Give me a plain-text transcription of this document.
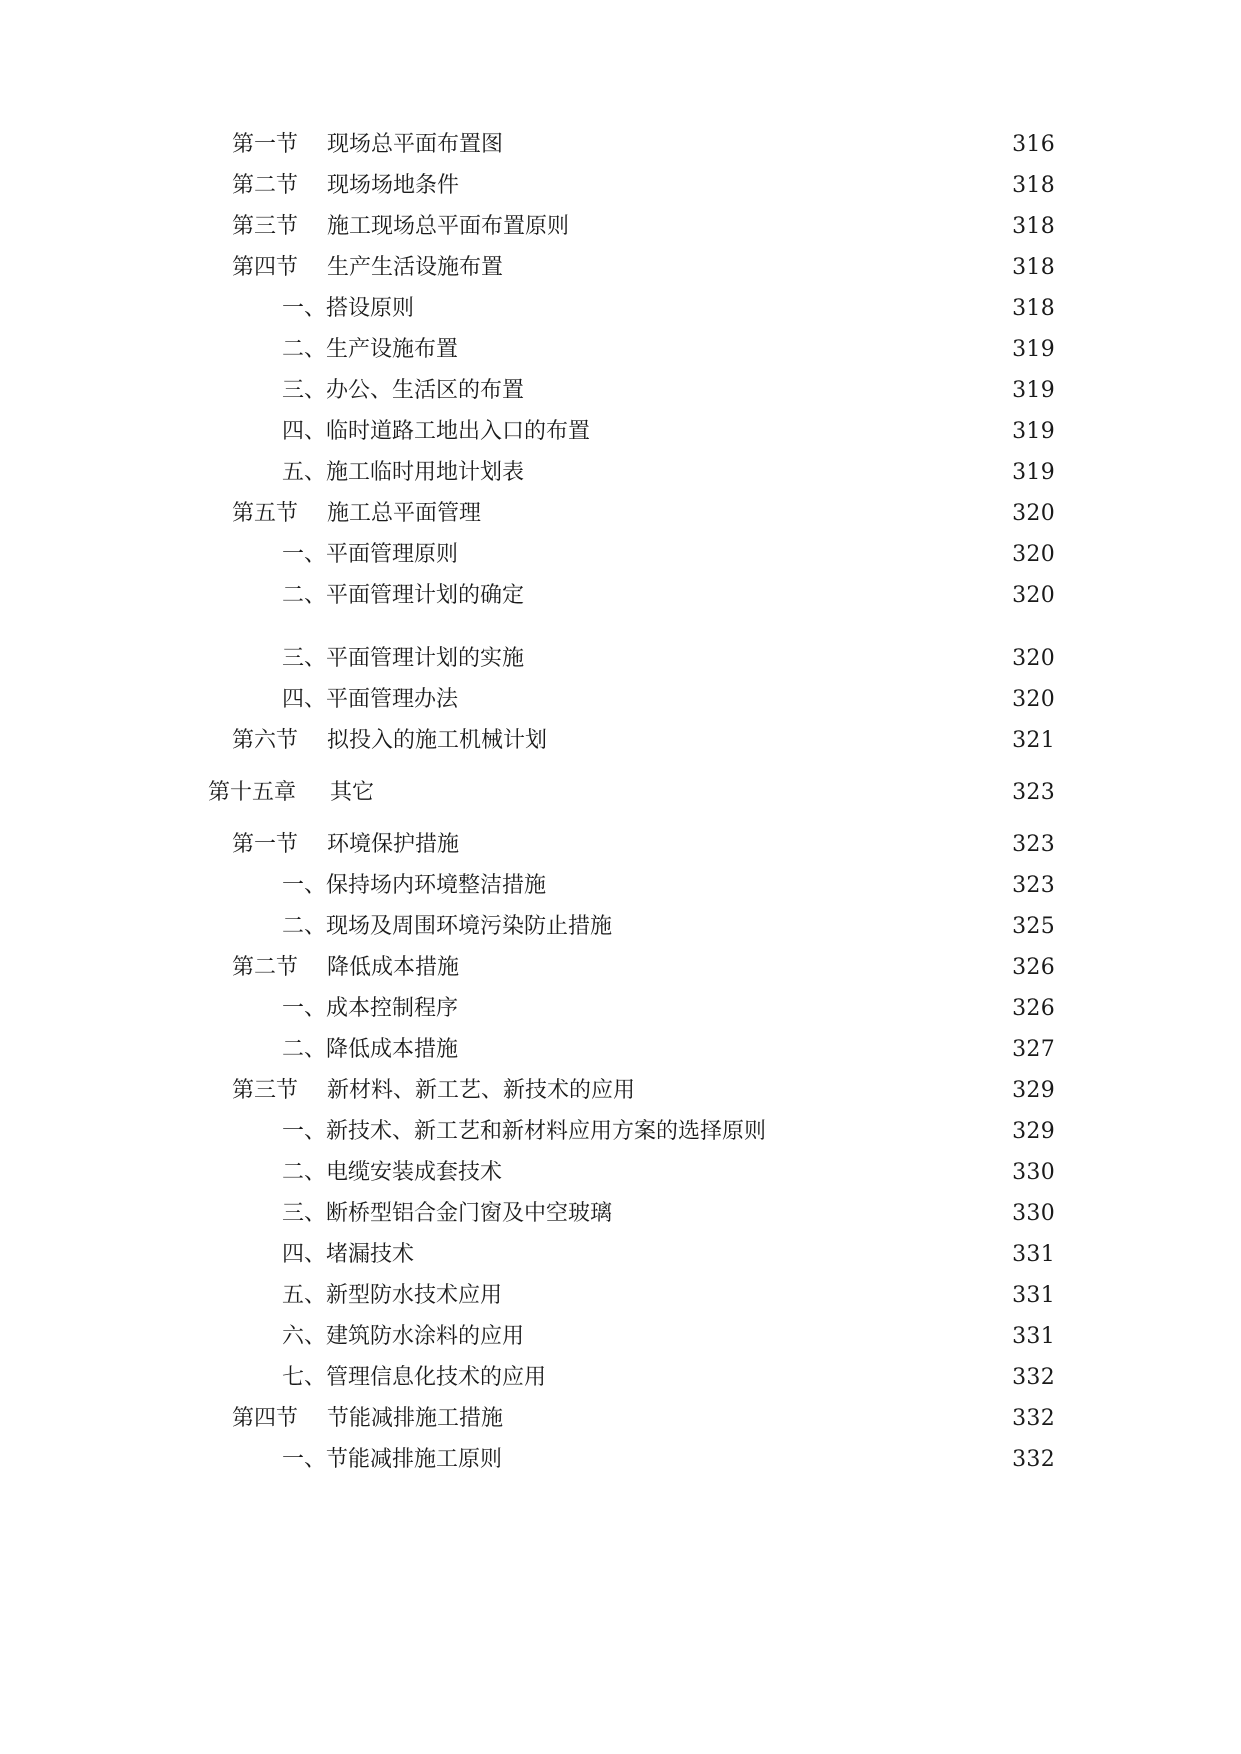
第一节	现场总平面布置图	316
第二节	现场场地条件	318
第三节	施工现场总平面布置原则	318
第四节	生产生活设施布置	318
一、 搭设原则	318
二、 生产设施布置	319
三、 办公、生活区的布置	319
四、 临时道路工地出入口的布置	319
五、 施工临时用地计划表	319
第五节	施工总平面管理	320
一、 平面管理原则	320
二、 平面管理计划的确定	320
三、 平面管理计划的实施	320
四、 平面管理办法	320
第六节	拟投入的施工机械计划	321
第十五章	其它	323
第一节	环境保护措施	323
一、 保持场内环境整洁措施	323
二、 现场及周围环境污染防止措施	325
第二节	降低成本措施	326
一、 成本控制程序	326
二、 降低成本措施	327
第三节	新材料、新工艺、新技术的应用	329
一、 新技术、新工艺和新材料应用方案的选择原则	329
二、 电缆安装成套技术	330
三、 断桥型铝合金门窗及中空玻璃	330
四、 堵漏技术	331
五、 新型防水技术应用	331
六、 建筑防水涂料的应用	331
七、 管理信息化技术的应用	332
第四节	节能减排施工措施	332
一、 节能减排施工原则	332
